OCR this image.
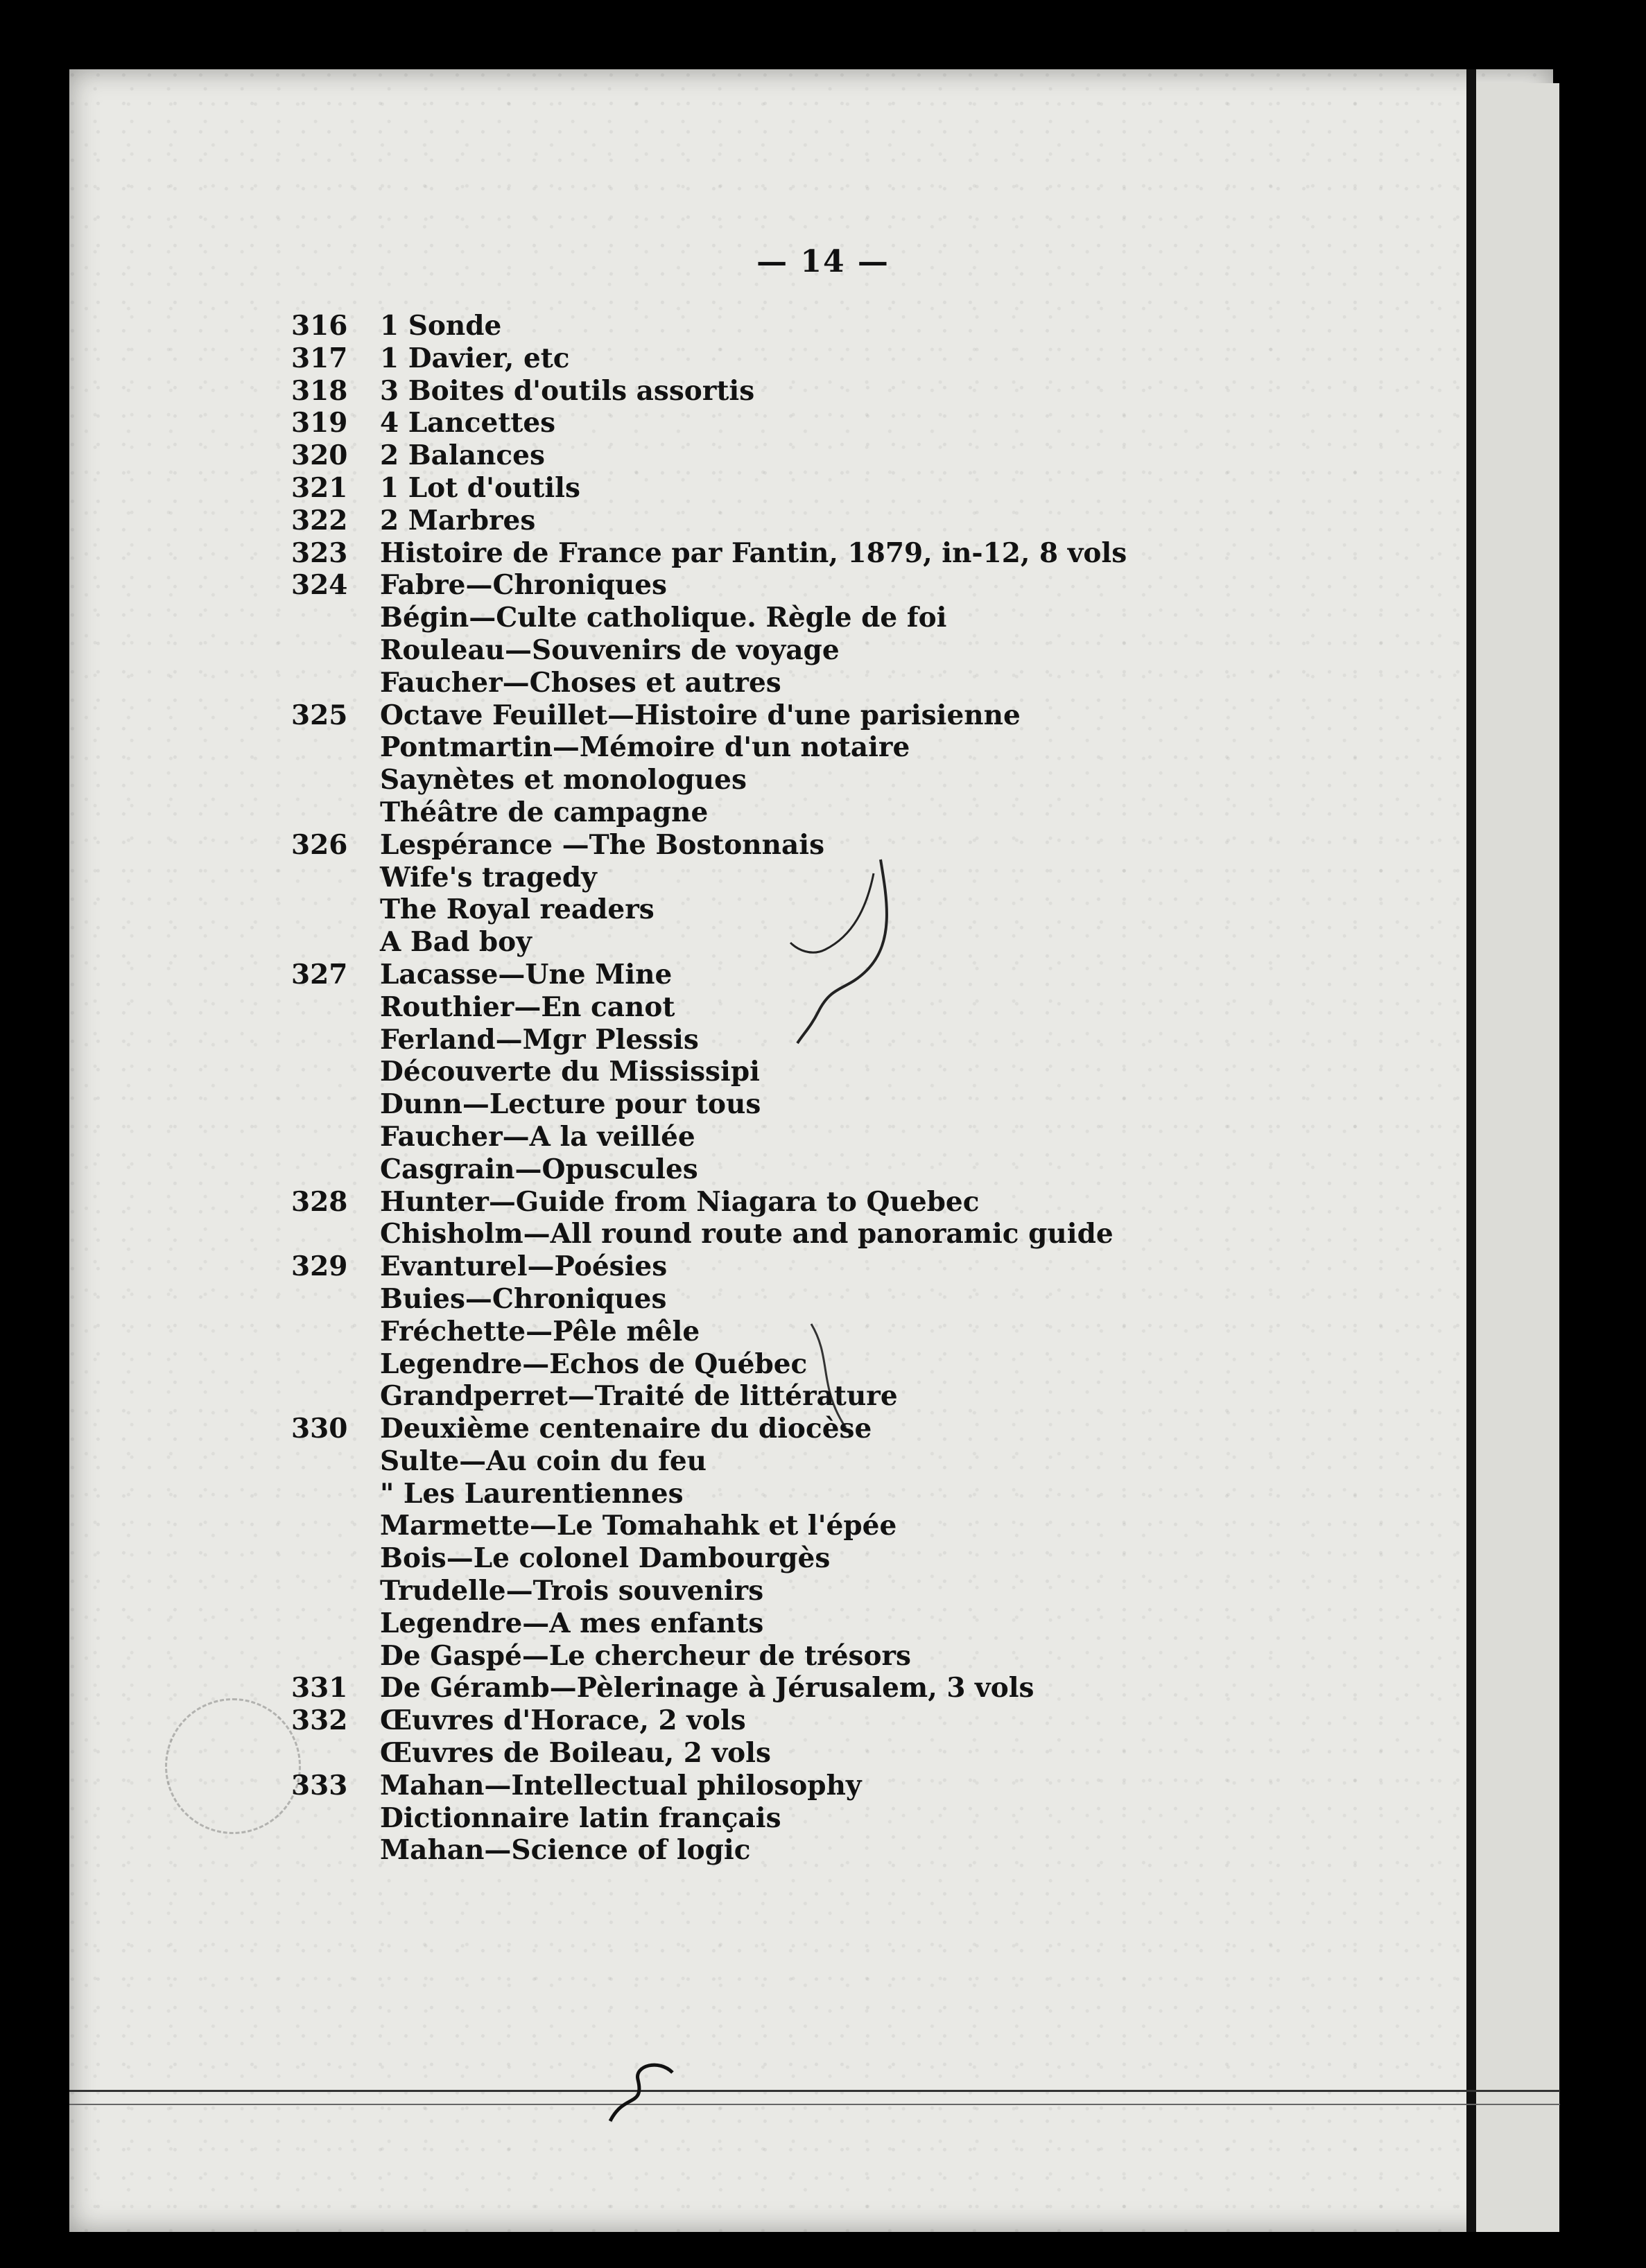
— 14 —
316	1 Sonde
317	1 Davier, etc
318	3 Boites d'outils assortis
319	4 Lancettes
320	2 Balances
321	1 Lot d'outils
322	2 Marbres
323	Histoire de France par Fantin, 1879, in-12, 8 vols
324	Fabre—Chroniques
Bégin—Culte catholique. Règle de foi
Rouleau—Souvenirs de voyage
Faucher—Choses et autres
325	Octave Feuillet—Histoire d'une parisienne
Pontmartin—Mémoire d'un notaire
Saynètes et monologues
Théâtre de campagne
326	Lespérance —The Bostonnais
Wife's tragedy
The Royal readers
A Bad boy
327	Lacasse—Une Mine
Routhier—En canot
Ferland—Mgr Plessis
Découverte du Mississipi
Dunn—Lecture pour tous
Faucher—A la veillée
Casgrain—Opuscules
328	Hunter—Guide from Niagara to Quebec
Chisholm—All round route and panoramic guide
329	Evanturel—Poésies
Buies—Chroniques
Fréchette—Pêle mêle
Legendre—Echos de Québec
Grandperret—Traité de littérature
330	Deuxième centenaire du diocèse
Sulte—Au coin du feu
" Les Laurentiennes
Marmette—Le Tomahahk et l'épée
Bois—Le colonel Dambourgès
Trudelle—Trois souvenirs
Legendre—A mes enfants
De Gaspé—Le chercheur de trésors
331	De Géramb—Pèlerinage à Jérusalem, 3 vols
332	Œuvres d'Horace, 2 vols
Œuvres de Boileau, 2 vols
333	Mahan—Intellectual philosophy
Dictionnaire latin français
Mahan—Science of logic
